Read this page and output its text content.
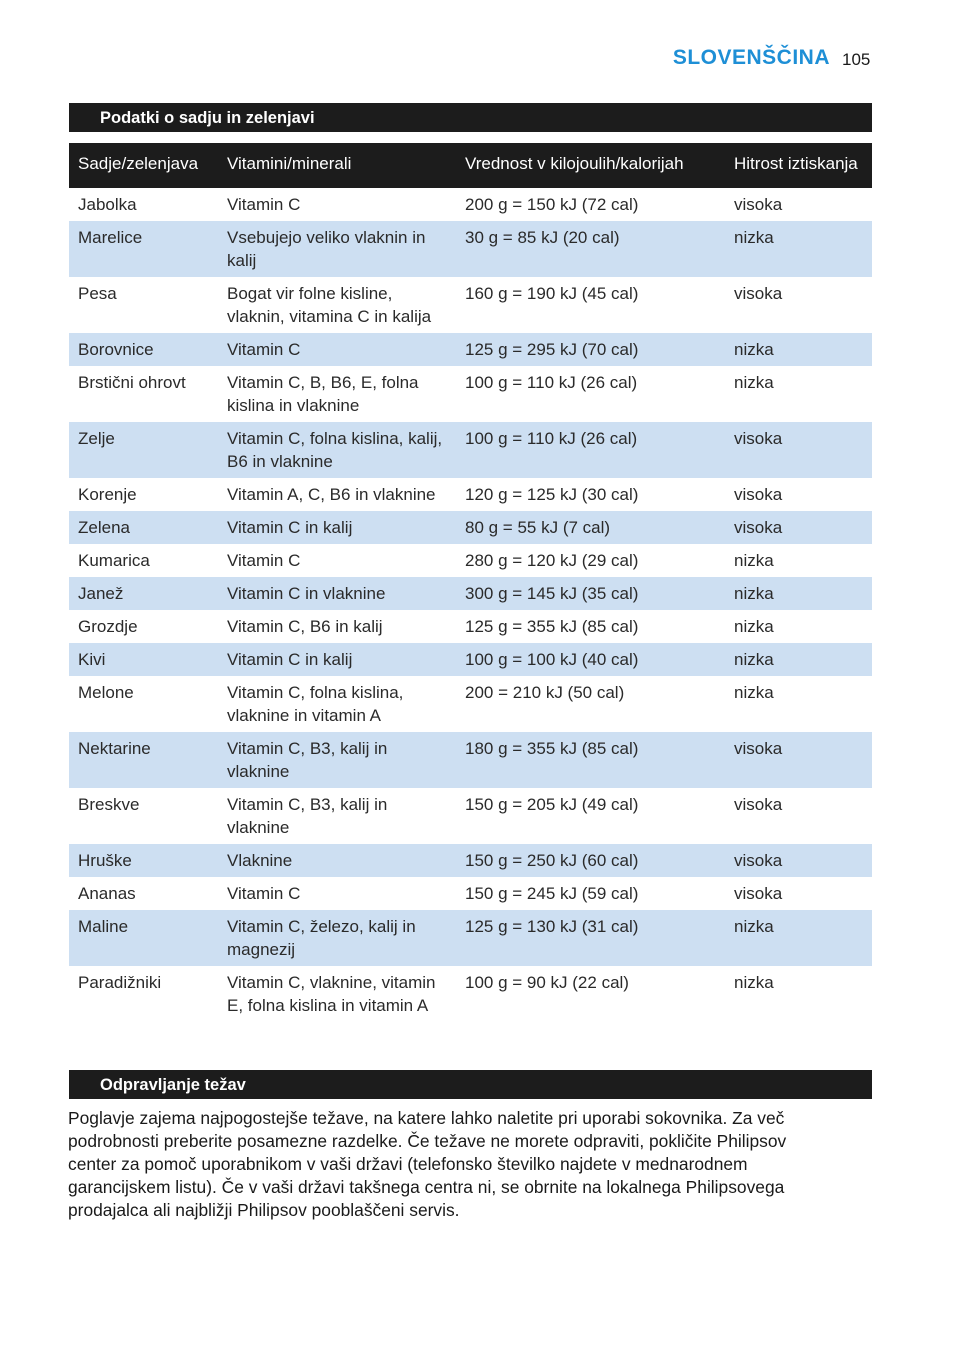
SLOVENŠČINA 105
Podatki o sadju in zelenjavi
Sadje/zelenjava	Vitamini/minerali	Vrednost v kilojoulih/kalorijah	Hitrost iztiskanja
Jabolka	Vitamin C	200 g = 150 kJ (72 cal)	visoka
Marelice	Vsebujejo veliko vlaknin in kalij	30 g = 85 kJ (20 cal)	nizka
Pesa	Bogat vir folne kisline, vlaknin, vitamina C in kalija	160 g = 190 kJ (45 cal)	visoka
Borovnice	Vitamin C	125 g = 295 kJ (70 cal)	nizka
Brstični ohrovt	Vitamin C, B, B6, E, folna kislina in vlaknine	100 g = 110 kJ (26 cal)	nizka
Zelje	Vitamin C, folna kislina, kalij, B6 in vlaknine	100 g = 110 kJ (26 cal)	visoka
Korenje	Vitamin A, C, B6 in vlaknine	120 g = 125 kJ (30 cal)	visoka
Zelena	Vitamin C in kalij	80 g = 55 kJ (7 cal)	visoka
Kumarica	Vitamin C	280 g = 120 kJ (29 cal)	nizka
Janež	Vitamin C in vlaknine	300 g = 145 kJ (35 cal)	nizka
Grozdje	Vitamin C, B6 in kalij	125 g = 355 kJ (85 cal)	nizka
Kivi	Vitamin C in kalij	100 g = 100 kJ (40 cal)	nizka
Melone	Vitamin C, folna kislina, vlaknine in vitamin A	200 = 210 kJ (50 cal)	nizka
Nektarine	Vitamin C, B3, kalij in vlaknine	180 g = 355 kJ (85 cal)	visoka
Breskve	Vitamin C, B3, kalij in vlaknine	150 g = 205 kJ (49 cal)	visoka
Hruške	Vlaknine	150 g = 250 kJ (60 cal)	visoka
Ananas	Vitamin C	150 g = 245 kJ (59 cal)	visoka
Maline	Vitamin C, železo, kalij in magnezij	125 g = 130 kJ (31 cal)	nizka
Paradižniki	Vitamin C, vlaknine, vitamin E, folna kislina in vitamin A	100 g = 90 kJ (22 cal)	nizka
Odpravljanje težav
Poglavje zajema najpogostejše težave, na katere lahko naletite pri uporabi sokovnika. Za več podrobnosti preberite posamezne razdelke. Če težave ne morete odpraviti, pokličite Philipsov center za pomoč uporabnikom v vaši državi (telefonsko številko najdete v mednarodnem garancijskem listu). Če v vaši državi takšnega centra ni, se obrnite na lokalnega Philipsovega prodajalca ali najbližji Philipsov pooblaščeni servis.
